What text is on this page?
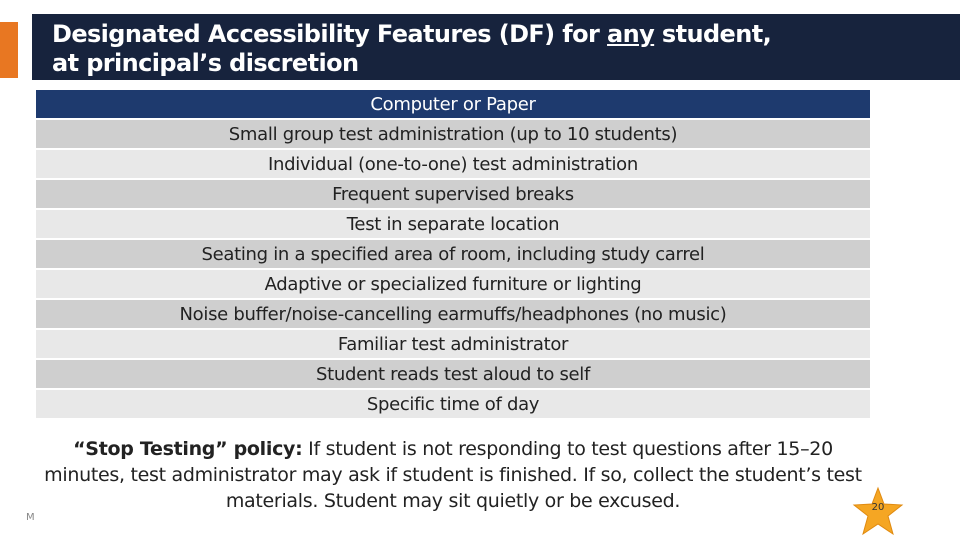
Designated Accessibility Features (DF) for any student,
at principal’s discretion
Computer or Paper
Small group test administration (up to 10 students)
Individual (one-to-one) test administration
Frequent supervised breaks
Test in separate location
Seating in a specified area of room, including study carrel
Adaptive or specialized furniture or lighting
Noise buffer/noise-cancelling earmuffs/headphones (no music)
Familiar test administrator
Student reads test aloud to self
Specific time of day
“Stop Testing” policy: If student is not responding to test questions after 15–20 minutes, test administrator may ask if student is finished. If so, collect the student’s test materials. Student may sit quietly or be excused.
M
20
